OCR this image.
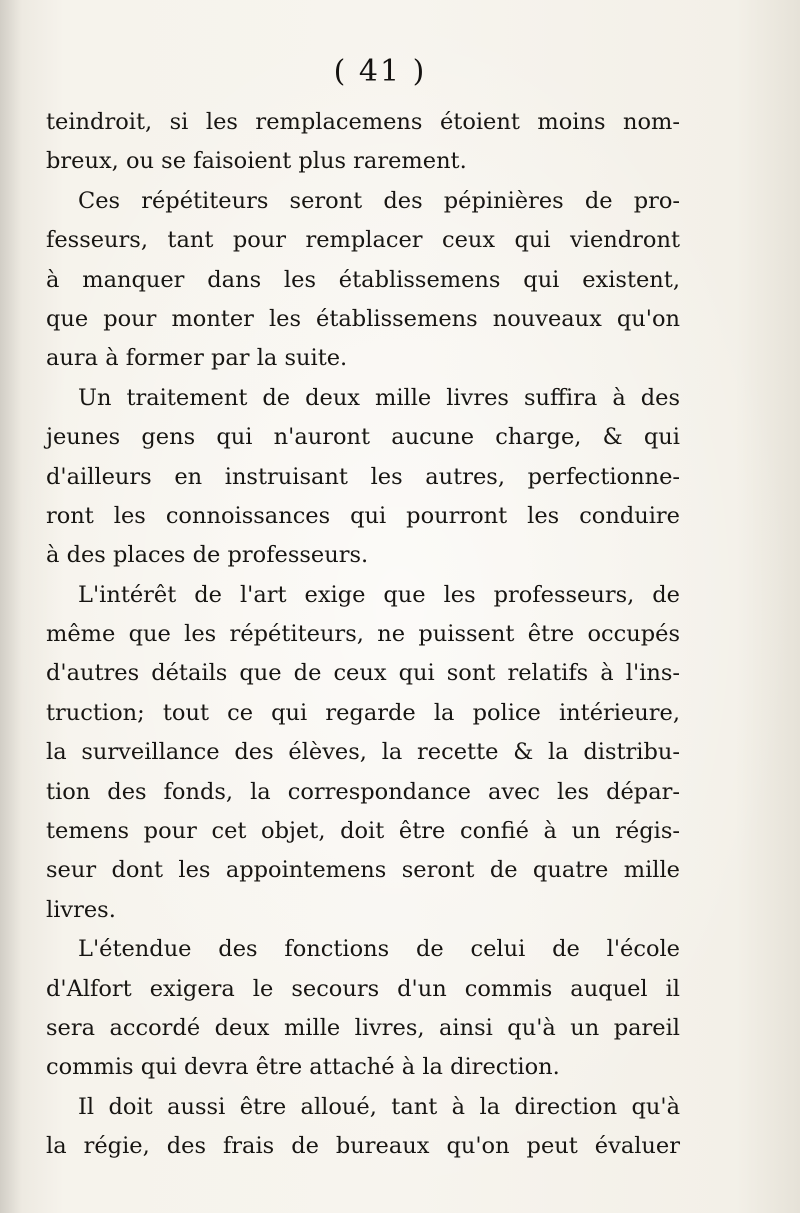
( 41 )
teindroit, si les remplacemens étoient moins nom-
breux, ou se faisoient plus rarement.
Ces répétiteurs seront des pépinières de pro-
fesseurs, tant pour remplacer ceux qui viendront
à manquer dans les établissemens qui existent,
que pour monter les établissemens nouveaux qu'on
aura à former par la suite.
Un traitement de deux mille livres suffira à des
jeunes gens qui n'auront aucune charge, & qui
d'ailleurs en instruisant les autres, perfectionne-
ront les connoissances qui pourront les conduire
à des places de professeurs.
L'intérêt de l'art exige que les professeurs, de
même que les répétiteurs, ne puissent être occupés
d'autres détails que de ceux qui sont relatifs à l'ins-
truction; tout ce qui regarde la police intérieure,
la surveillance des élèves, la recette & la distribu-
tion des fonds, la correspondance avec les dépar-
temens pour cet objet, doit être confié à un régis-
seur dont les appointemens seront de quatre mille
livres.
L'étendue des fonctions de celui de l'école
d'Alfort exigera le secours d'un commis auquel il
sera accordé deux mille livres, ainsi qu'à un pareil
commis qui devra être attaché à la direction.
Il doit aussi être alloué, tant à la direction qu'à
la régie, des frais de bureaux qu'on peut évaluer
